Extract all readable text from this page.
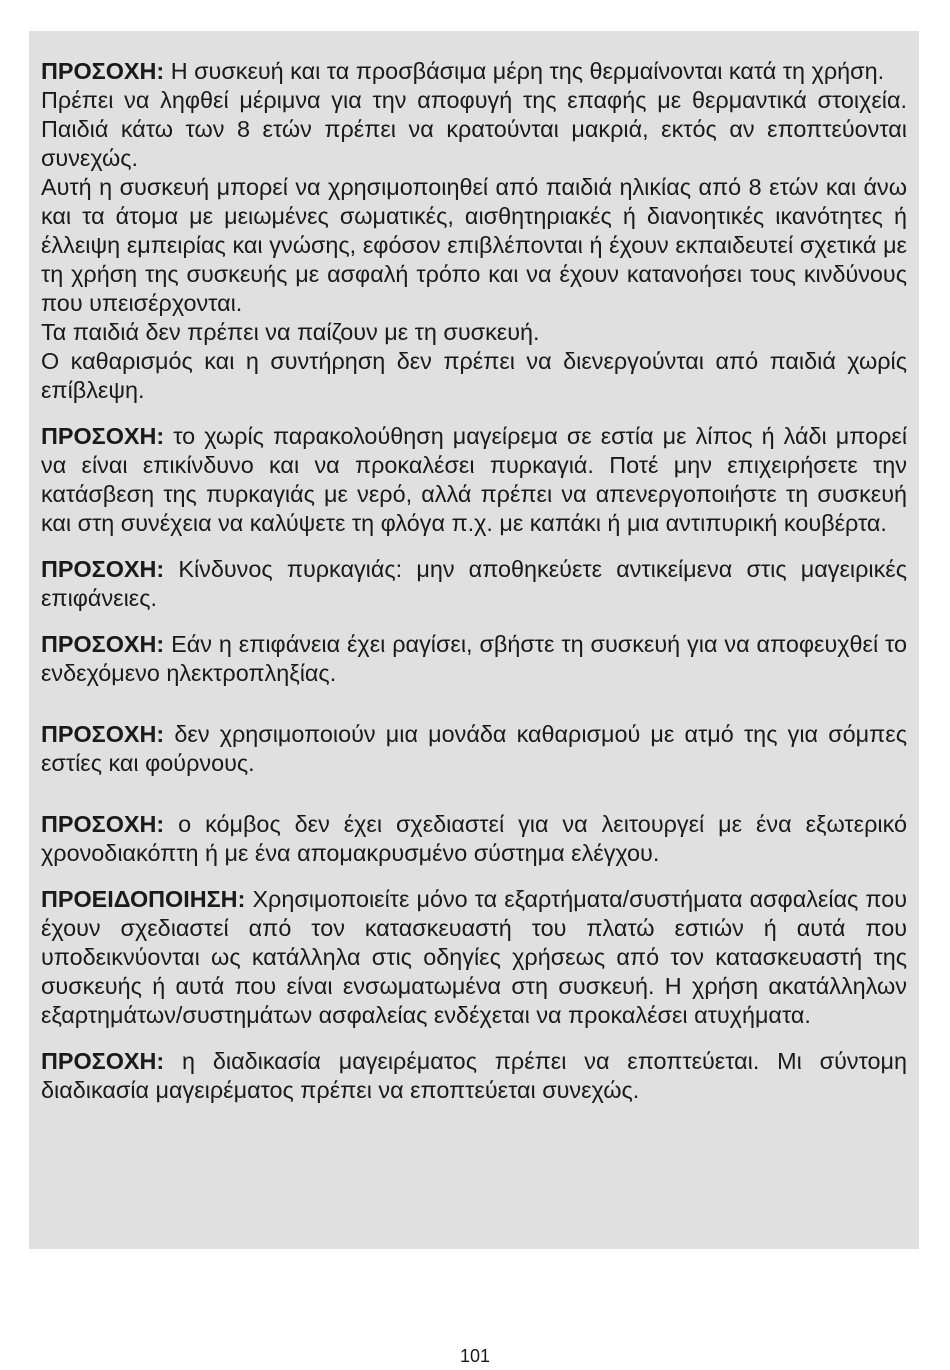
ΠΡΟΣΟΧΗ: Η συσκευή και τα προσβάσιμα μέρη της θερμαίνονται κατά τη χρήση.

Πρέπει να ληφθεί μέριμνα για την αποφυγή της επαφής με θερμαντικά στοιχεία. Παιδιά κάτω των 8 ετών πρέπει να κρατούνται μακριά, εκτός αν εποπτεύονται συνεχώς.

Αυτή η συσκευή μπορεί να χρησιμοποιηθεί από παιδιά ηλικίας από 8 ετών και άνω και τα άτομα με μειωμένες σωματικές, αισθητηριακές ή διανοητικές ικανότητες ή έλλειψη εμπειρίας και γνώσης, εφόσον επιβλέπονται ή έχουν εκπαιδευτεί σχετικά με τη χρήση της συσκευής με ασφαλή τρόπο και να έχουν κατανοήσει τους κινδύνους που υπεισέρχονται.

Τα παιδιά δεν πρέπει να παίζουν με τη συσκευή.

Ο καθαρισμός και η συντήρηση δεν πρέπει να διενεργούνται από παιδιά χωρίς επίβλεψη.

ΠΡΟΣΟΧΗ: το χωρίς παρακολούθηση μαγείρεμα σε εστία με λίπος ή λάδι μπορεί να είναι επικίνδυνο και να προκαλέσει πυρκαγιά. Ποτέ μην επιχειρήσετε την κατάσβεση της πυρκαγιάς με νερό, αλλά πρέπει να απενεργοποιήστε τη συσκευή και στη συνέχεια να καλύψετε τη φλόγα π.χ. με καπάκι ή μια αντιπυρική κουβέρτα.

ΠΡΟΣΟΧΗ: Κίνδυνος πυρκαγιάς: μην αποθηκεύετε αντικείμενα στις μαγειρικές επιφάνειες.

ΠΡΟΣΟΧΗ: Εάν η επιφάνεια έχει ραγίσει, σβήστε τη συσκευή για να αποφευχθεί το ενδεχόμενο ηλεκτροπληξίας.

ΠΡΟΣΟΧΗ: δεν χρησιμοποιούν μια μονάδα καθαρισμού με ατμό της για σόμπες εστίες και φούρνους.

ΠΡΟΣΟΧΗ: ο κόμβος δεν έχει σχεδιαστεί για να λειτουργεί με ένα εξωτερικό χρονοδιακόπτη ή με ένα απομακρυσμένο σύστημα ελέγχου.

ΠΡΟΕΙΔΟΠΟΙΗΣΗ: Χρησιμοποιείτε μόνο τα εξαρτήματα/συστήματα ασφαλείας που έχουν σχεδιαστεί από τον κατασκευαστή του πλατώ εστιών ή αυτά που υποδεικνύονται ως κατάλληλα στις οδηγίες χρήσεως από τον κατασκευαστή της συσκευής ή αυτά που είναι ενσωματωμένα στη συσκευή. Η χρήση ακατάλληλων εξαρτημάτων/συστημάτων ασφαλείας ενδέχεται να προκαλέσει ατυχήματα.

ΠΡΟΣΟΧΗ: η διαδικασία μαγειρέματος πρέπει να εποπτεύεται. Μι σύντομη διαδικασία μαγειρέματος πρέπει να εποπτεύεται συνεχώς.

101
